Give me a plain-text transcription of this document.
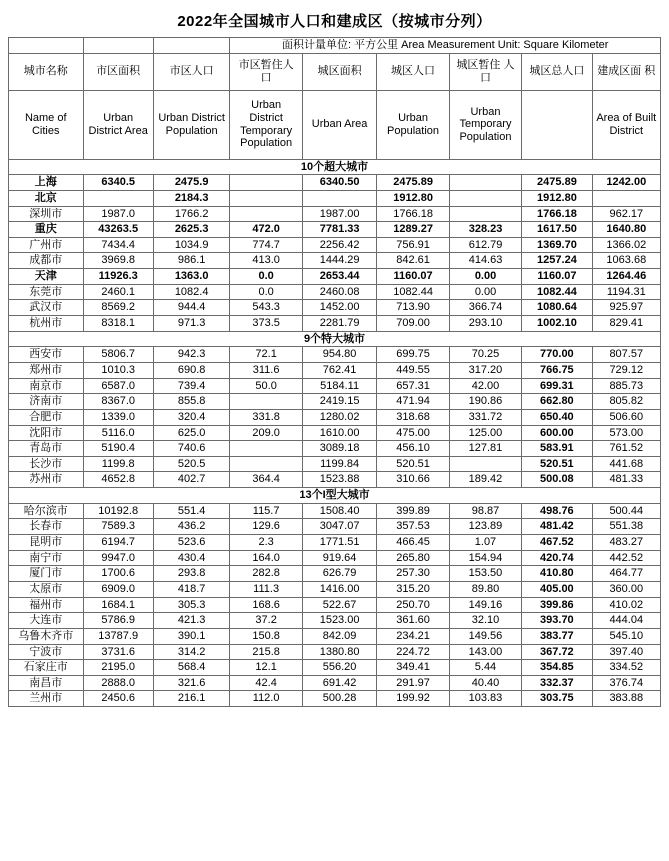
2022年全国城市人口和建成区（按城市分列）
			面积计量单位: 平方公里 Area Measurement Unit: Square Kilometer					
城市名称	市区面积	市区人口	市区暂住人 口	城区面积	城区人口	城区暂住 人口	城区总人口	建成区面 积
Name of Cities	Urban District Area	Urban District Population	Urban District Temporary Population	Urban Area	Urban Population	Urban Temporary Population		Area of Built District
10个超大城市								
上海	6340.5	2475.9		6340.50	2475.89		2475.89	1242.00
北京		2184.3			1912.80		1912.80	
深圳市	1987.0	1766.2		1987.00	1766.18		1766.18	962.17
重庆	43263.5	2625.3	472.0	7781.33	1289.27	328.23	1617.50	1640.80
广州市	7434.4	1034.9	774.7	2256.42	756.91	612.79	1369.70	1366.02
成都市	3969.8	986.1	413.0	1444.29	842.61	414.63	1257.24	1063.68
天津	11926.3	1363.0	0.0	2653.44	1160.07	0.00	1160.07	1264.46
东莞市	2460.1	1082.4	0.0	2460.08	1082.44	0.00	1082.44	1194.31
武汉市	8569.2	944.4	543.3	1452.00	713.90	366.74	1080.64	925.97
杭州市	8318.1	971.3	373.5	2281.79	709.00	293.10	1002.10	829.41
9个特大城市								
西安市	5806.7	942.3	72.1	954.80	699.75	70.25	770.00	807.57
郑州市	1010.3	690.8	311.6	762.41	449.55	317.20	766.75	729.12
南京市	6587.0	739.4	50.0	5184.11	657.31	42.00	699.31	885.73
济南市	8367.0	855.8		2419.15	471.94	190.86	662.80	805.82
合肥市	1339.0	320.4	331.8	1280.02	318.68	331.72	650.40	506.60
沈阳市	5116.0	625.0	209.0	1610.00	475.00	125.00	600.00	573.00
青岛市	5190.4	740.6		3089.18	456.10	127.81	583.91	761.52
长沙市	1199.8	520.5		1199.84	520.51		520.51	441.68
苏州市	4652.8	402.7	364.4	1523.88	310.66	189.42	500.08	481.33
13个I型大城市								
哈尔滨市	10192.8	551.4	115.7	1508.40	399.89	98.87	498.76	500.44
长春市	7589.3	436.2	129.6	3047.07	357.53	123.89	481.42	551.38
昆明市	6194.7	523.6	2.3	1771.51	466.45	1.07	467.52	483.27
南宁市	9947.0	430.4	164.0	919.64	265.80	154.94	420.74	442.52
厦门市	1700.6	293.8	282.8	626.79	257.30	153.50	410.80	464.77
太原市	6909.0	418.7	111.3	1416.00	315.20	89.80	405.00	360.00
福州市	1684.1	305.3	168.6	522.67	250.70	149.16	399.86	410.02
大连市	5786.9	421.3	37.2	1523.00	361.60	32.10	393.70	444.04
乌鲁木齐市	13787.9	390.1	150.8	842.09	234.21	149.56	383.77	545.10
宁波市	3731.6	314.2	215.8	1380.80	224.72	143.00	367.72	397.40
石家庄市	2195.0	568.4	12.1	556.20	349.41	5.44	354.85	334.52
南昌市	2888.0	321.6	42.4	691.42	291.97	40.40	332.37	376.74
兰州市	2450.6	216.1	112.0	500.28	199.92	103.83	303.75	383.88
